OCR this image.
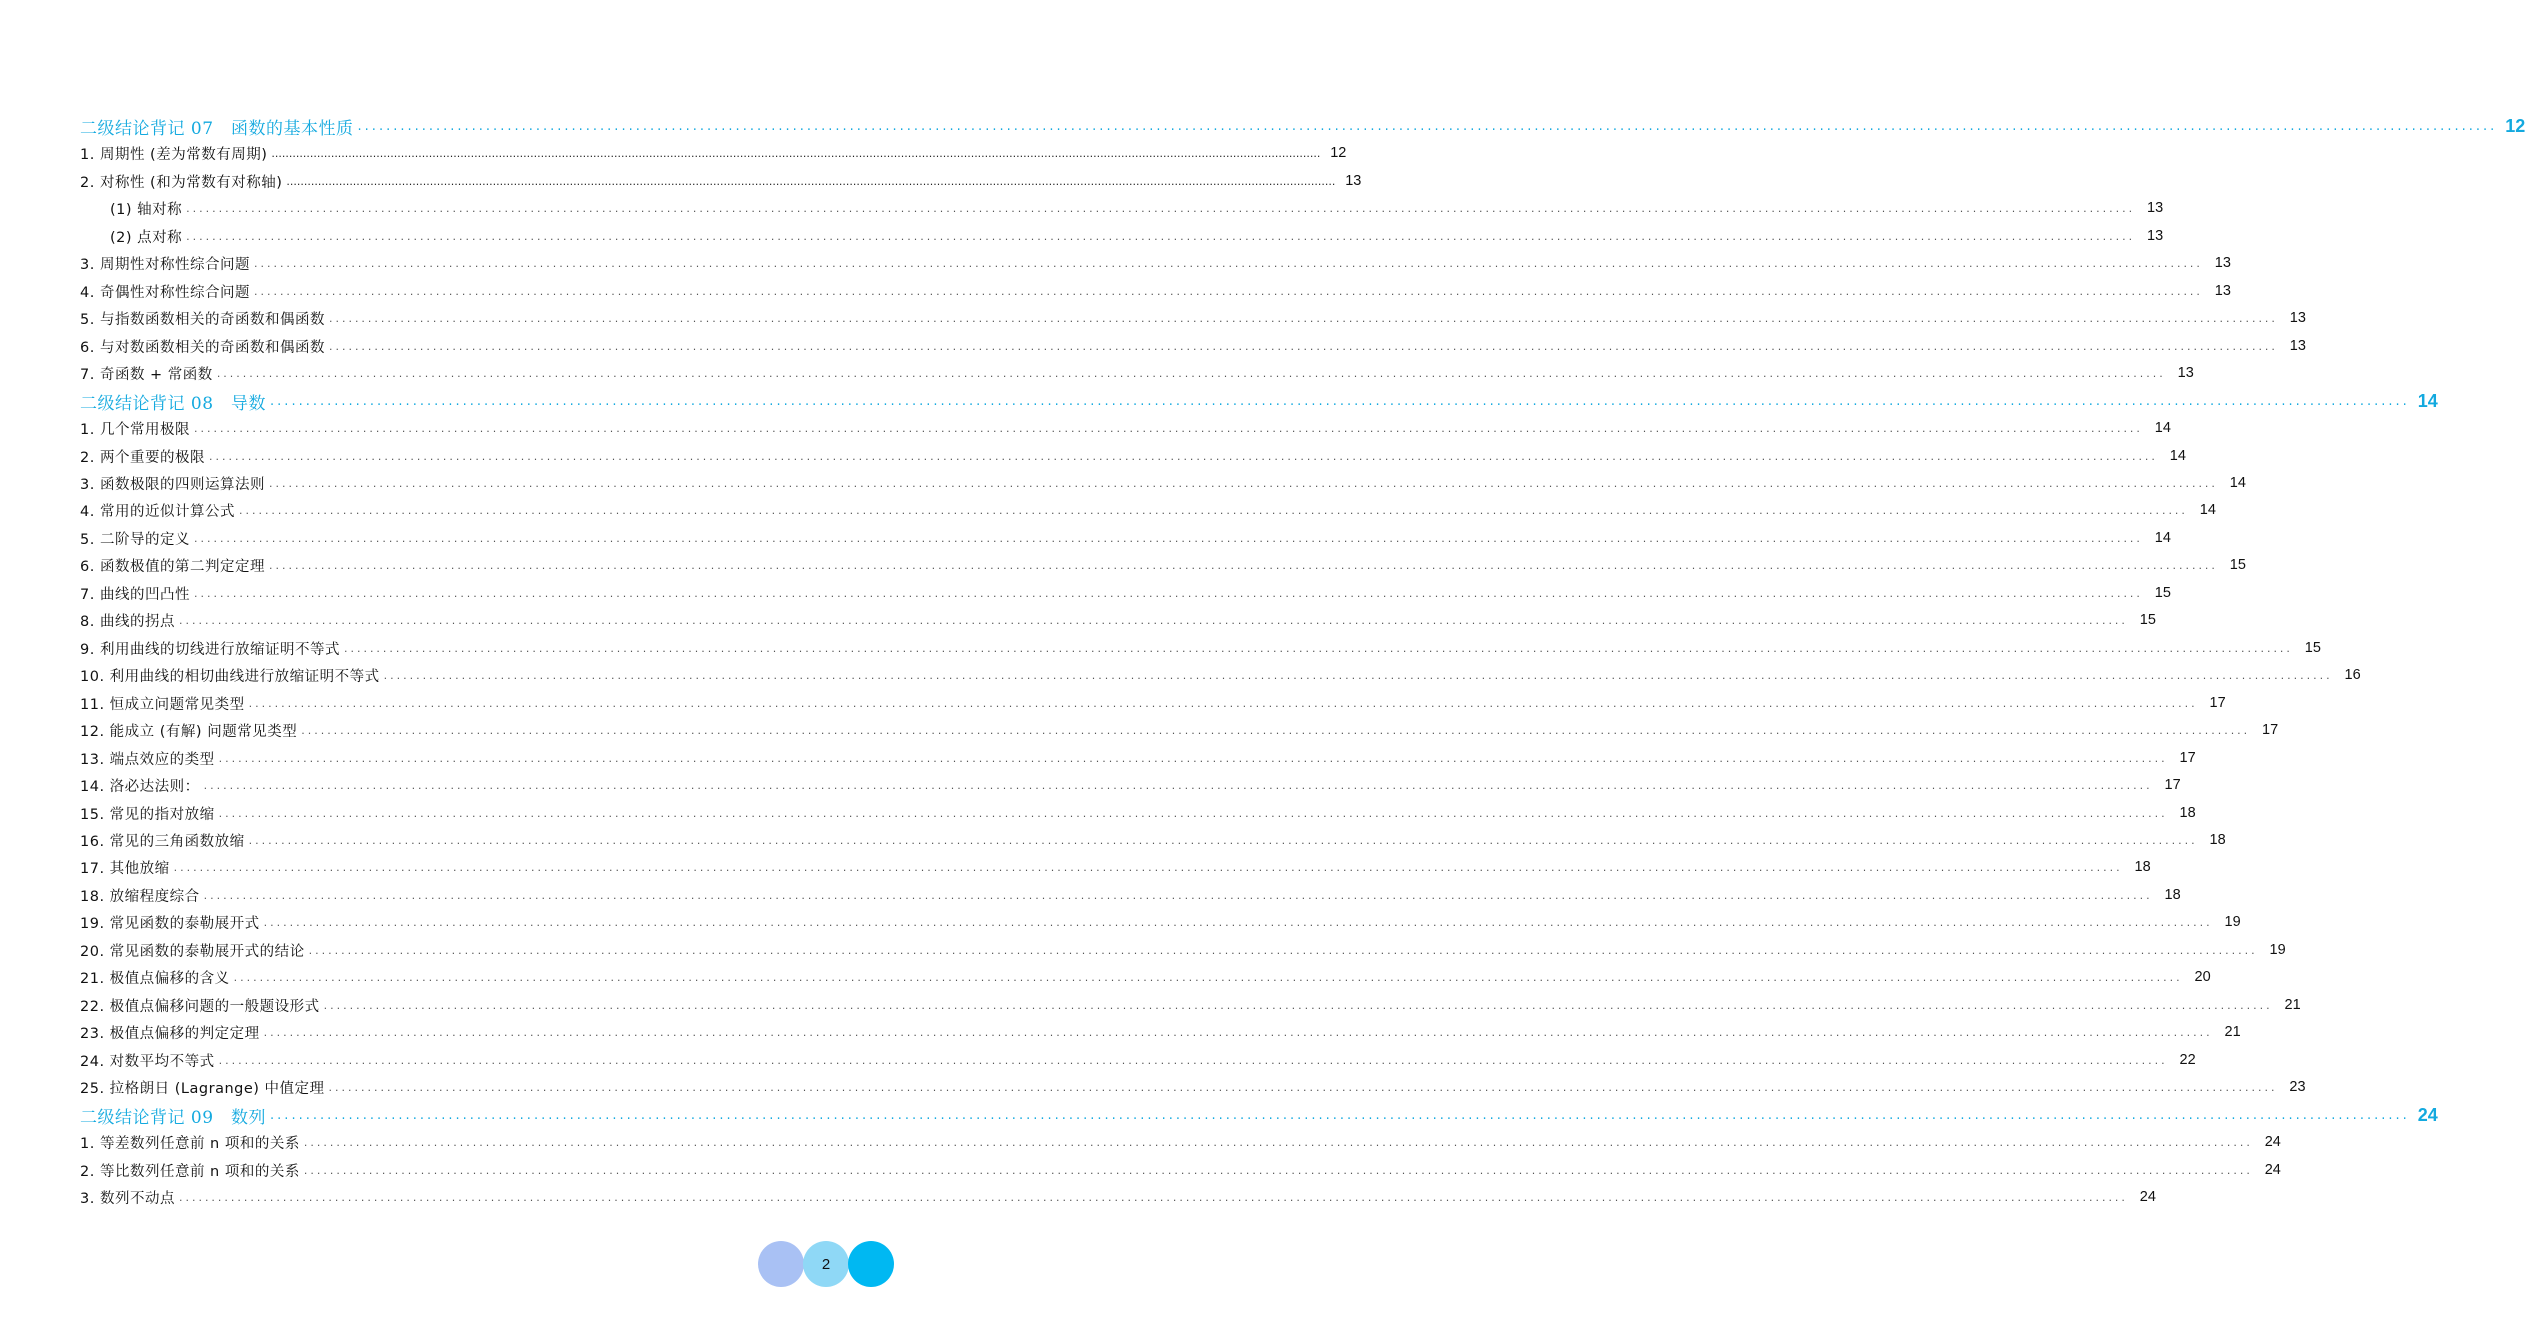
二级结论背记 07　函数的基本性质 ............................................................................................................................................................................................................................................................................................................ 12
1. 周期性 (差为常数有周期) ............................................................................................................................................................................................................................................................................................................ 12
2. 对称性 (和为常数有对称轴) ............................................................................................................................................................................................................................................................................................................ 13
(1) 轴对称 ............................................................................................................................................................................................................................................................................................................ 13
(2) 点对称 ............................................................................................................................................................................................................................................................................................................ 13
3. 周期性对称性综合问题 ............................................................................................................................................................................................................................................................................................................ 13
4. 奇偶性对称性综合问题 ............................................................................................................................................................................................................................................................................................................ 13
5. 与指数函数相关的奇函数和偶函数 ............................................................................................................................................................................................................................................................................................................ 13
6. 与对数函数相关的奇函数和偶函数 ............................................................................................................................................................................................................................................................................................................ 13
7. 奇函数 + 常函数 ............................................................................................................................................................................................................................................................................................................ 13
二级结论背记 08　导数 ............................................................................................................................................................................................................................................................................................................ 14
1. 几个常用极限 ............................................................................................................................................................................................................................................................................................................ 14
2. 两个重要的极限 ............................................................................................................................................................................................................................................................................................................ 14
3. 函数极限的四则运算法则 ............................................................................................................................................................................................................................................................................................................ 14
4. 常用的近似计算公式 ............................................................................................................................................................................................................................................................................................................ 14
5. 二阶导的定义 ............................................................................................................................................................................................................................................................................................................ 14
6. 函数极值的第二判定定理 ............................................................................................................................................................................................................................................................................................................ 15
7. 曲线的凹凸性 ............................................................................................................................................................................................................................................................................................................ 15
8. 曲线的拐点 ............................................................................................................................................................................................................................................................................................................ 15
9. 利用曲线的切线进行放缩证明不等式 ............................................................................................................................................................................................................................................................................................................ 15
10. 利用曲线的相切曲线进行放缩证明不等式 ............................................................................................................................................................................................................................................................................................................ 16
11. 恒成立问题常见类型 ............................................................................................................................................................................................................................................................................................................ 17
12. 能成立 (有解) 问题常见类型 ............................................................................................................................................................................................................................................................................................................ 17
13. 端点效应的类型 ............................................................................................................................................................................................................................................................................................................ 17
14. 洛必达法则： ............................................................................................................................................................................................................................................................................................................ 17
15. 常见的指对放缩 ............................................................................................................................................................................................................................................................................................................ 18
16. 常见的三角函数放缩 ............................................................................................................................................................................................................................................................................................................ 18
17. 其他放缩 ............................................................................................................................................................................................................................................................................................................ 18
18. 放缩程度综合 ............................................................................................................................................................................................................................................................................................................ 18
19. 常见函数的泰勒展开式 ............................................................................................................................................................................................................................................................................................................ 19
20. 常见函数的泰勒展开式的结论 ............................................................................................................................................................................................................................................................................................................ 19
21. 极值点偏移的含义 ............................................................................................................................................................................................................................................................................................................ 20
22. 极值点偏移问题的一般题设形式 ............................................................................................................................................................................................................................................................................................................ 21
23. 极值点偏移的判定定理 ............................................................................................................................................................................................................................................................................................................ 21
24. 对数平均不等式 ............................................................................................................................................................................................................................................................................................................ 22
25. 拉格朗日 (Lagrange) 中值定理 ............................................................................................................................................................................................................................................................................................................ 23
二级结论背记 09　数列 ............................................................................................................................................................................................................................................................................................................ 24
1. 等差数列任意前 n 项和的关系 ............................................................................................................................................................................................................................................................................................................ 24
2. 等比数列任意前 n 项和的关系 ............................................................................................................................................................................................................................................................................................................ 24
3. 数列不动点 ............................................................................................................................................................................................................................................................................................................ 24
2
